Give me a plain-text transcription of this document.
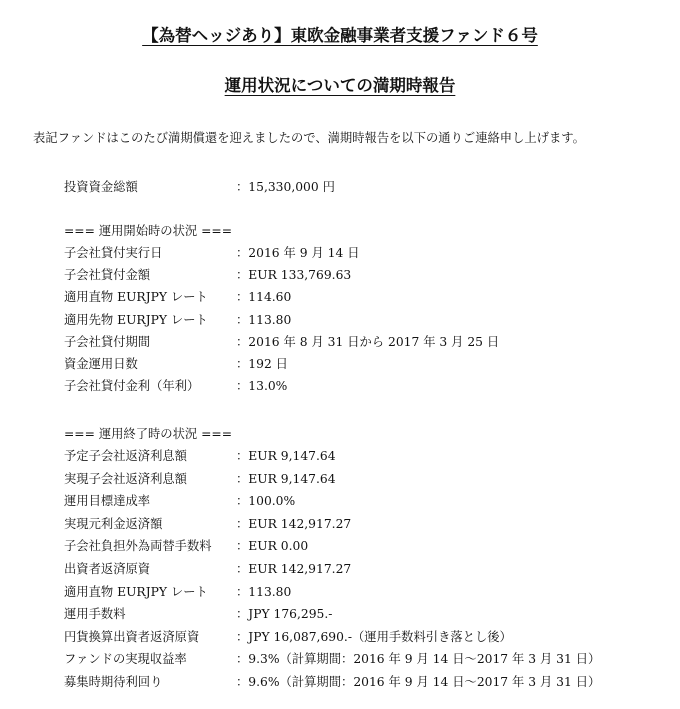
【為替ヘッジあり】東欧金融事業者支援ファンド６号
運用状況についての満期時報告

表記ファンドはこのたび満期償還を迎えましたので、満期時報告を以下の通りご連絡申し上げます。

投資資金総額	：15,330,000 円
=== 運用開始時の状況 ===
子会社貸付実行日	：2016 年 9 月 14 日
子会社貸付金額	：EUR 133,769.63
適用直物 EURJPY レート ：114.60
適用先物 EURJPY レート ：113.80
子会社貸付期間	：2016 年 8 月 31 日から 2017 年 3 月 25 日
資金運用日数	：192 日
子会社貸付金利（年利）	：13.0%
=== 運用終了時の状況 ===
予定子会社返済利息額	：EUR 9,147.64
実現子会社返済利息額	：EUR 9,147.64
運用目標達成率	：100.0%
実現元利金返済額	：EUR 142,917.27
子会社負担外為両替手数料 ：EUR 0.00
出資者返済原資	：EUR 142,917.27
適用直物 EURJPY レート ：113.80
運用手数料	：JPY 176,295.-
円貨換算出資者返済原資	：JPY 16,087,690.-（運用手数料引き落とし後）
ファンドの実現収益率	：9.3%（計算期間：2016 年 9 月 14 日～2017 年 3 月 31 日）
募集時期待利回り	：9.6%（計算期間：2016 年 9 月 14 日～2017 年 3 月 31 日）
